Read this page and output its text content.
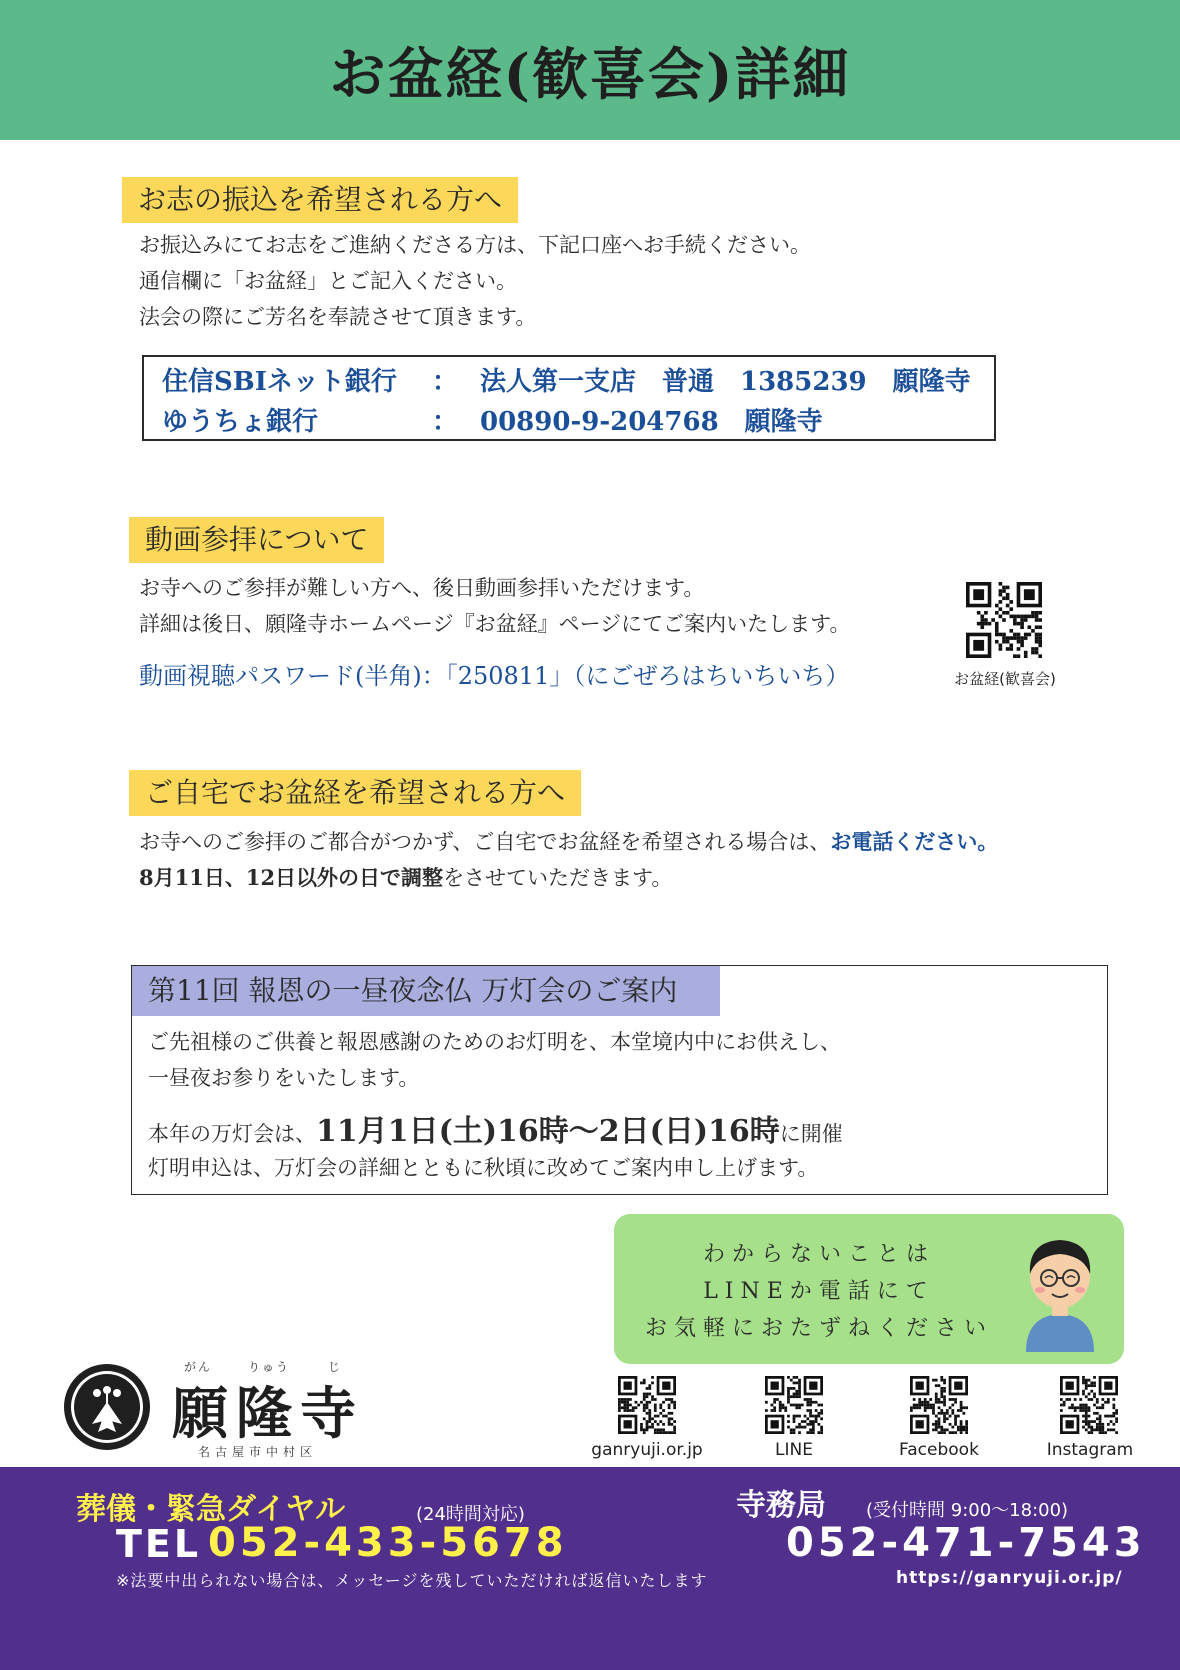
お盆経(歓喜会)詳細
お志の振込を希望される方へ
お振込みにてお志をご進納くださる方は、下記口座へお手続ください。
通信欄に「お盆経」とご記入ください。
法会の際にご芳名を奉読させて頂きます。
住信SBIネット銀行 ： 法人第一支店　普通　1385239　願隆寺
ゆうちょ銀行	： 00890-9-204768　願隆寺
動画参拝について
お寺へのご参拝が難しい方へ、後日動画参拝いただけます。
詳細は後日、願隆寺ホームページ『お盆経』ページにてご案内いたします。
動画視聴パスワード(半角)：「250811」（にごぜろはちいちいち）	お盆経(歓喜会)
ご自宅でお盆経を希望される方へ
お寺へのご参拝のご都合がつかず、ご自宅でお盆経を希望される場合は、お電話ください。
8月11日、12日以外の日で調整をさせていただきます。
第11回 報恩の一昼夜念仏 万灯会のご案内
ご先祖様のご供養と報恩感謝のためのお灯明を、本堂境内中にお供えし、
一昼夜お参りをいたします。
本年の万灯会は、11月1日(土)16時～2日(日)16時に開催
灯明申込は、万灯会の詳細とともに秋頃に改めてご案内申し上げます。
わからないことは
LINEか電話にて
お気軽におたずねください
がん	りゅう	じ
願隆寺
名古屋市中村区	ganryuji.or.jp	LINE	Facebook	Instagram
葬儀・緊急ダイヤル	(24時間対応)
TEL 052-433-5678
※法要中出られない場合は、メッセージを残していただければ返信いたします
寺務局 (受付時間 9:00～18:00)
052-471-7543
https://ganryuji.or.jp/
